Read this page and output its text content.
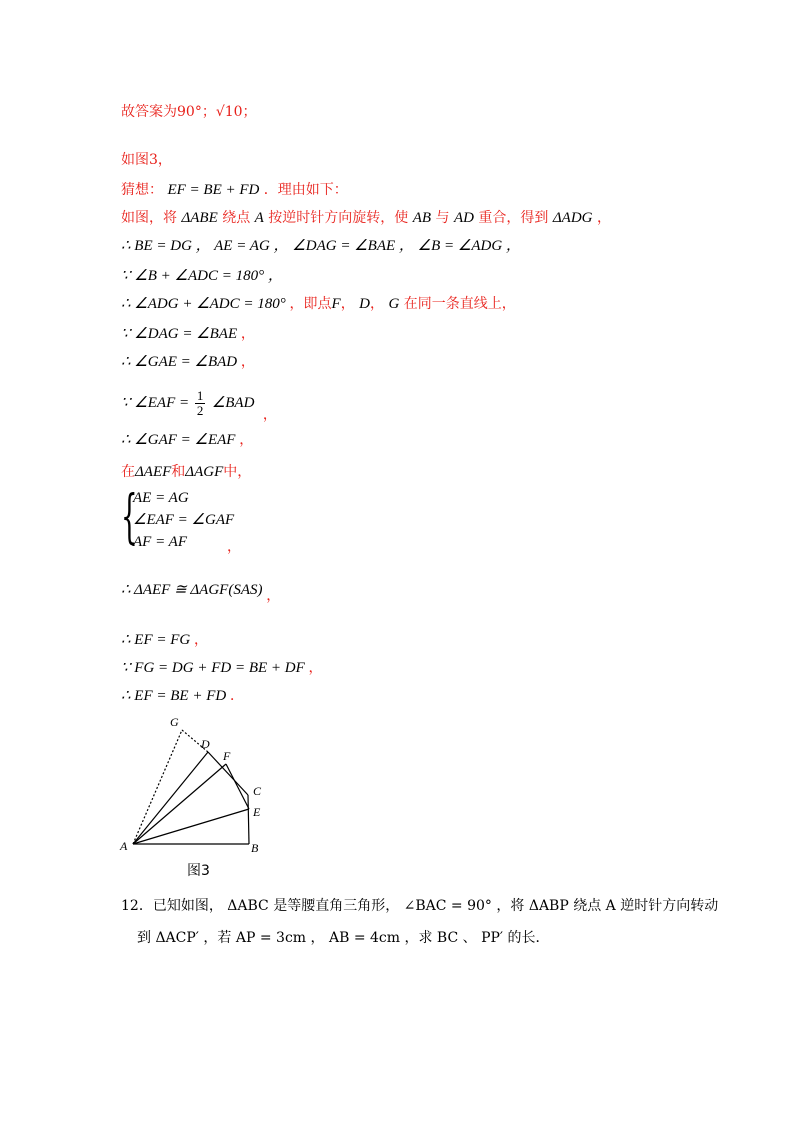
故答案为90°；√10；
如图3，
猜想： EF = BE + FD ．理由如下：
如图，将 ΔABE 绕点 A 按逆时针方向旋转，使 AB 与 AD 重合，得到 ΔADG ，
∴ BE = DG ， AE = AG ， ∠DAG = ∠BAE ， ∠B = ∠ADG ，
∵ ∠B + ∠ADC = 180° ，
∴ ∠ADG + ∠ADC = 180° ，即点F， D， G 在同一条直线上，
∵ ∠DAG = ∠BAE ，
∴ ∠GAE = ∠BAD ，
∵ ∠EAF = $\frac{1}{2}$ ∠BAD ，
∴ ∠GAF = ∠EAF ，
在ΔAEF和ΔAGF中，
{
AE = AG
∠EAF = ∠GAF
AF = AF	，
∴ ΔAEF ≅ ΔAGF(SAS) ，
∴ EF = FG ，
∵ FG = DG + FD = BE + DF ，
∴ EF = BE + FD ．
G
D
F
C
E
A	B
图3
12．已知如图， ΔABC 是等腰直角三角形， ∠BAC = 90° ，将 ΔABP 绕点 A 逆时针方向转动
到 ΔACP′ ，若 AP = 3cm ， AB = 4cm ，求 BC 、 PP′ 的长．
